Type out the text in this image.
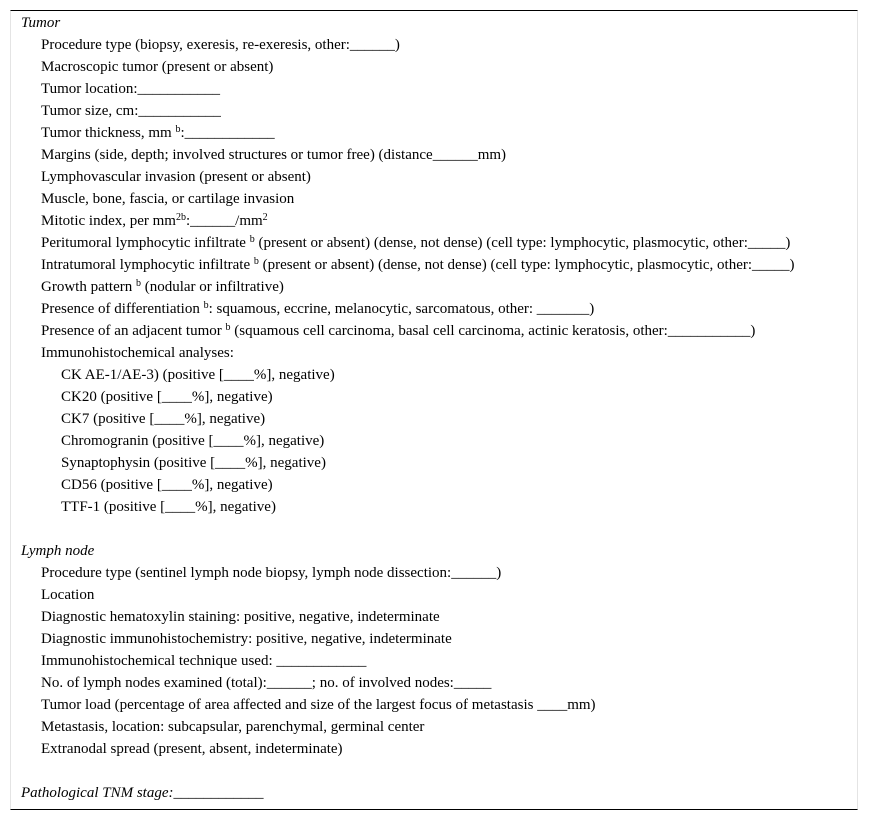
Tumor
Procedure type (biopsy, exeresis, re-exeresis, other:______)
Macroscopic tumor (present or absent)
Tumor location:___________
Tumor size, cm:___________
Tumor thickness, mm $^b$:____________
Margins (side, depth; involved structures or tumor free) (distance______mm)
Lymphovascular invasion (present or absent)
Muscle, bone, fascia, or cartilage invasion
Mitotic index, per $mm^{2b}:\_\_\_\_\_\_/mm^2$
Peritumoral lymphocytic infiltrate $^b$ (present or absent) (dense, not dense) (cell type: lymphocytic, plasmocytic, other:_____)
Intratumoral lymphocytic infiltrate $^b$ (present or absent) (dense, not dense) (cell type: lymphocytic, plasmocytic, other:_____)
Growth pattern $^b$ (nodular or infiltrative)
Presence of differentiation $^b$: squamous, eccrine, melanocytic, sarcomatous, other: _______)
Presence of an adjacent tumor $^b$ (squamous cell carcinoma, basal cell carcinoma, actinic keratosis, other:___________)
Immunohistochemical analyses:
CK AE-1/AE-3) (positive [____%], negative)
CK20 (positive [____%], negative)
CK7 (positive [____%], negative)
Chromogranin (positive [____%], negative)
Synaptophysin (positive [____%], negative)
CD56 (positive [____%], negative)
TTF-1 (positive [____%], negative)
Lymph node
Procedure type (sentinel lymph node biopsy, lymph node dissection:______)
Location
Diagnostic hematoxylin staining: positive, negative, indeterminate
Diagnostic immunohistochemistry: positive, negative, indeterminate
Immunohistochemical technique used: ____________
No. of lymph nodes examined (total):______; no. of involved nodes:_____
Tumor load (percentage of area affected and size of the largest focus of metastasis ____mm)
Metastasis, location: subcapsular, parenchymal, germinal center
Extranodal spread (present, absent, indeterminate)
Pathological TNM stage:____________
